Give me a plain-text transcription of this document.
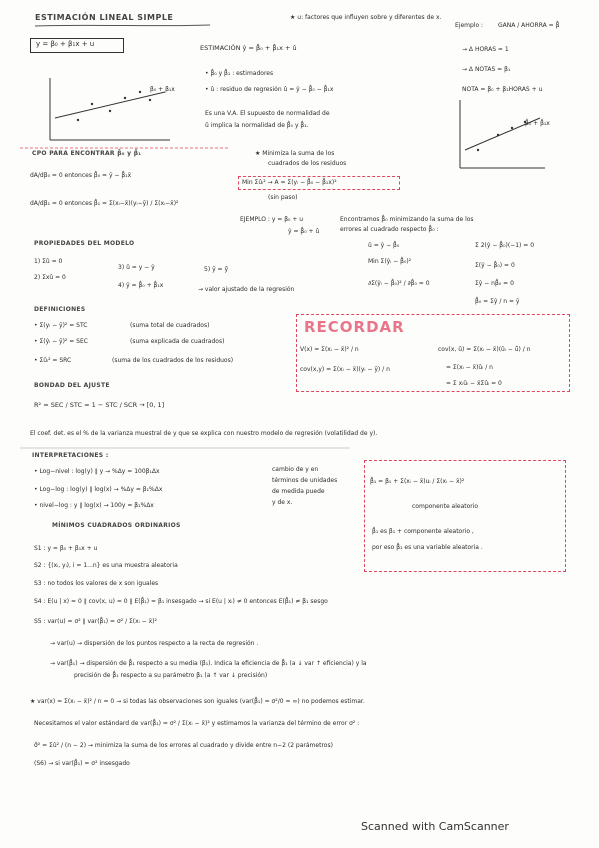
ESTIMACIÓN LINEAL SIMPLE	★ u: factores que influyen sobre y diferentes de x.
y = β₀ + β₁x + u	ESTIMACIÓN ŷ = β̂₀ + β̂₁x + û
β₀ + β₁x
Ejemplo : GANA / AHORRA = β̂
→ Δ HORAS = 1
→ Δ NOTAS = β₁
NOTA = β₀ + β₁HORAS + u
β̂₀ + β̂₁x
• β̂₀ y β̂₁ : estimadores
• û : residuo de regresión û = ŷ − β̂₀ − β̂₁x
Es una V.A. El supuesto de normalidad de
û implica la normalidad de β̂₀ y β̂₁.
CPO PARA ENCONTRAR β̂₀ y β̂₁
dA/dβ₀ = 0 entonces β̂₀ = ȳ − β̂₁x̄
dA/dβ₁ = 0 entonces β̂₁ = Σ(xᵢ−x̄)(yᵢ−ȳ) / Σ(xᵢ−x̄)²
★ Minimiza la suma de los
cuadrados de los residuos
Min Σûᵢ² → A = Σ(yᵢ − β̂₀ − β̂₁x)²
(sin paso)
EJEMPLO : y = β₀ + u
ŷ = β̂₀ + û
Encontramos β̂₀ minimizando la suma de los
errores al cuadrado respecto β̂₀ :
û = ŷ − β̂₀
Min Σ(ŷᵢ − β̂₀)²
∂Σ(ŷᵢ − β̂₀)² / ∂β̂₀ = 0
Σ 2(ŷ − β̂₀)(−1) = 0
Σ(ŷ − β̂₀) = 0
Σŷ − nβ̂₀ = 0
β̂₀ = Σŷ / n = ȳ
PROPIEDADES DEL MODELO
1) Σû = 0
3) û = y − ŷ	5) ȳ = ŷ̄
2) Σxû = 0
4) ŷ = β̂₀ + β̂₁x
→ valor ajustado de la regresión
DEFINICIONES
• Σ(yᵢ − ȳ)² = STC	(suma total de cuadrados)
• Σ(ŷᵢ − ȳ)² = SEC	(suma explicada de cuadrados)
• Σûᵢ² = SRC	(suma de los cuadrados de los residuos)
RECORDAR
V(x) = Σ(xᵢ − x̄)² / n
cov(x,y) = Σ(xᵢ − x̄)(yᵢ − ȳ) / n
cov(x, û) = Σ(xᵢ − x̄)(ûᵢ − ū̂) / n
= Σ(xᵢ − x̄)ûᵢ / n
= Σ xᵢûᵢ − x̄Σûᵢ = 0
BONDAD DEL AJUSTE
R² = SEC / STC = 1 − STC / SCR → [0, 1]
El coef. det. es el % de la varianza muestral de y que se explica con nuestro modelo de regresión (volatilidad de y).
INTERPRETACIONES :
• Log−nivel : log(y) ∥ y → %Δy = 100β₁Δx
• Log−log : log(y) ∥ log(x) → %Δy = β₁%Δx
• nivel−log : y ∥ log(x) → 100y = β₁%Δx
cambio de y en
términos de unidades
de medida puede
y de x.
β̂₁ = β₁ + Σ(xᵢ − x̄)uᵢ / Σ(xᵢ − x̄)²
componente aleatorio
β̂₁ es β₁ + componente aleatorio ,
por eso β̂₁ es una variable aleatoria .
MÍNIMOS CUADRADOS ORDINARIOS
S1 : y = β₀ + β₁x + u
S2 : {(xᵢ, yᵢ), i = 1...n} es una muestra aleatoria
S3 : no todos los valores de x son iguales
S4 : E(u | x) = 0 ∥ cov(x, u) = 0 ∥ E(β̂₁) = β₁ insesgado → si E(u | xᵢ) ≠ 0 entonces E(β̂₁) ≠ β₁ sesgo
S5 : var(u) = σ² ∥ var(β̂₁) = σ² / Σ(xᵢ − x̄)²
→ var(u) → dispersión de los puntos respecto a la recta de regresión .
→ var(β̂₁) → dispersión de β̂₁ respecto a su media (β₁). Indica la eficiencia de β̂₁ (a ↓ var ↑ eficiencia) y la
precisión de β̂₁ respecto a su parámetro β₁ (a ↑ var ↓ precisión)
★ var(x) = Σ(xᵢ − x̄)² / n = 0 → si todas las observaciones son iguales (var(β̂₁) = σ²/0 = ∞) no podemos estimar.
Necesitamos el valor estándard de var(β̂₁) = σ² / Σ(xᵢ − x̄)² y estimamos la varianza del término de error σ² :
σ̂² = Σû² / (n − 2) → minimiza la suma de los errores al cuadrado y divide entre n−2 (2 parámetros)
(S6) → si var(β̂₁) = σ² insesgado
Scanned with CamScanner
